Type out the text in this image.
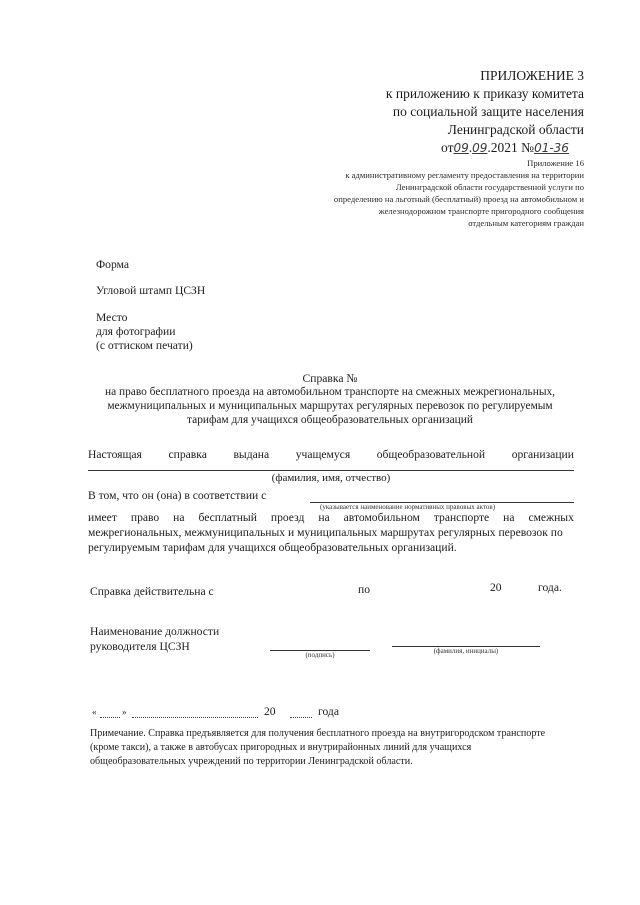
ПРИЛОЖЕНИЕ 3
к приложению к приказу комитета
по социальной защите населения
Ленинградской области
от09.09.2021 №01-36
Приложение 16
к административному регламенту предоставления на территории
Ленинградской области государственной услуги по
определению на льготный (бесплатный) проезд на автомобильном и
железнодорожном транспорте пригородного сообщения
отдельным категориям граждан
Форма
Угловой штамп ЦСЗН
Место
для фотографии
(с оттиском печати)
Справка №
на право бесплатного проезда на автомобильном транспорте на смежных межрегиональных,
межмуниципальных и муниципальных маршрутах регулярных перевозок по регулируемым
тарифам для учащихся общеобразовательных организаций
Настоящая справка выдана учащемуся общеобразовательной организации
(фамилия, имя, отчество)
В том, что он (она) в соответствии с
(указывается наименование нормативных правовых актов)
имеет право на бесплатный проезд на автомобильном транспорте на смежных
межрегиональных, межмуниципальных и муниципальных маршрутах регулярных перевозок по
регулируемым тарифам для учащихся общеобразовательных организаций.
Справка действительна с	по	20	года.
Наименование должности
руководителя ЦСЗН
(подпись)	(фамилия, инициалы)
«	»	20	года
Примечание. Справка предъявляется для получения бесплатного проезда на внутригородском транспорте
(кроме такси), а также в автобусах пригородных и внутрирайонных линий для учащихся
общеобразовательных учреждений по территории Ленинградской области.
